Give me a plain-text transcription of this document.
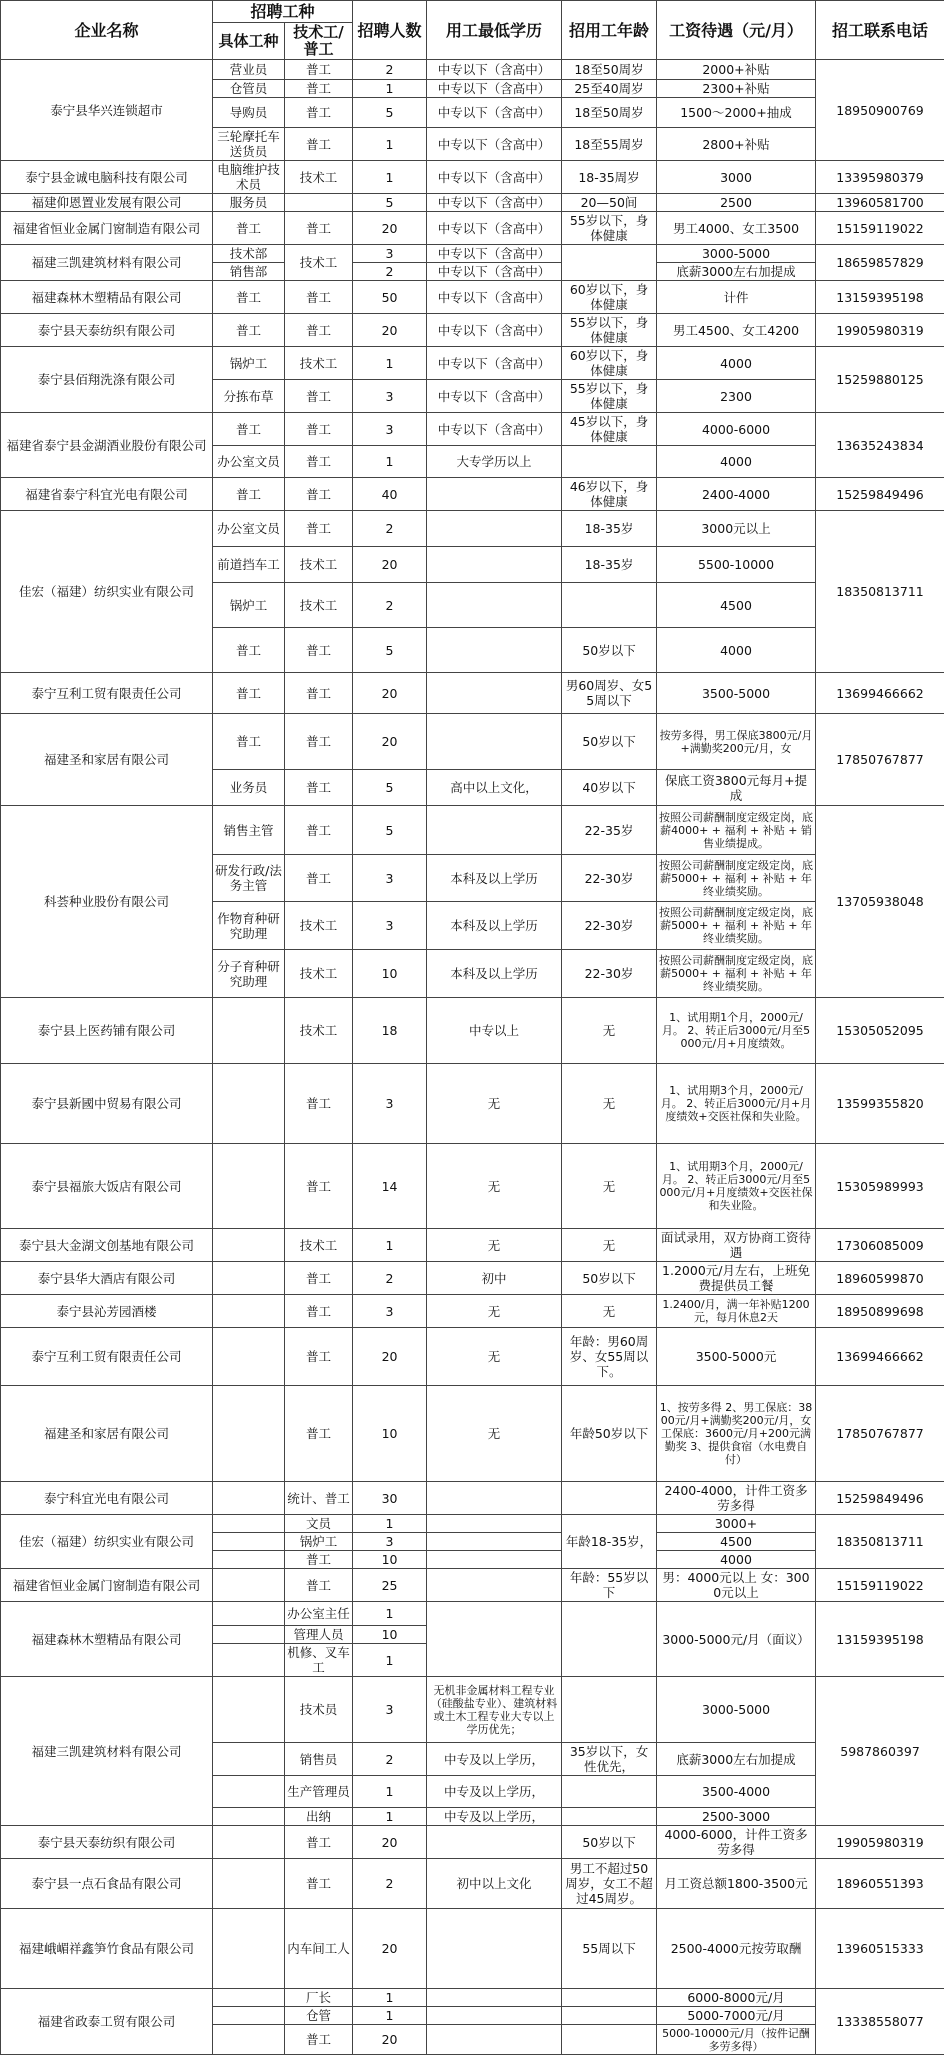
企业名称	招聘工种		招聘人数	用工最低学历	招用工年龄	工资待遇（元/月）	招工联系电话
	具体工种	技术工/普工					
泰宁县华兴连锁超市	营业员	普工	2	中专以下（含高中）	18至50周岁	2000+补贴	18950900769
	仓管员	普工	1	中专以下（含高中）	25至40周岁	2300+补贴	
	导购员	普工	5	中专以下（含高中）	18至50周岁	1500～2000+抽成	
	三轮摩托车送货员	普工	1	中专以下（含高中）	18至55周岁	2800+补贴	
泰宁县金诚电脑科技有限公司	电脑维护技术员	技术工	1	中专以下（含高中）	18-35周岁	3000	13395980379
福建仰恩置业发展有限公司	服务员		5	中专以下（含高中）	20—50间	2500	13960581700
福建省恒业金属门窗制造有限公司	普工	普工	20	中专以下（含高中）	55岁以下，身体健康	男工4000、女工3500	15159119022
福建三凯建筑材料有限公司	技术部	技术工	3	中专以下（含高中）		3000-5000	18659857829
	销售部		2	中专以下（含高中）		底薪3000左右加提成	
福建森林木塑精品有限公司	普工	普工	50	中专以下（含高中）	60岁以下，身体健康	计件	13159395198
泰宁县天泰纺织有限公司	普工	普工	20	中专以下（含高中）	55岁以下，身体健康	男工4500、女工4200	19905980319
泰宁县佰翔洗涤有限公司	锅炉工	技术工	1	中专以下（含高中）	60岁以下，身体健康	4000	15259880125
	分拣布草	普工	3	中专以下（含高中）	55岁以下，身体健康	2300	
福建省泰宁县金湖酒业股份有限公司	普工	普工	3	中专以下（含高中）	45岁以下，身体健康	4000-6000	13635243834
	办公室文员	普工	1	大专学历以上		4000	
福建省泰宁科宜光电有限公司	普工	普工	40		46岁以下，身体健康	2400-4000	15259849496
佳宏（福建）纺织实业有限公司	办公室文员	普工	2		18-35岁	3000元以上	18350813711
	前道挡车工	技术工	20		18-35岁	5500-10000	
	锅炉工	技术工	2			4500	
	普工	普工	5		50岁以下	4000	
泰宁互利工贸有限责任公司	普工	普工	20		男60周岁、女55周以下	3500-5000	13699466662
福建圣和家居有限公司	普工	普工	20		50岁以下	按劳多得，男工保底3800元/月+满勤奖200元/月，女	17850767877
	业务员	普工	5	高中以上文化，	40岁以下	保底工资3800元每月+提成	
科荟种业股份有限公司	销售主管	普工	5		22-35岁	按照公司薪酬制度定级定岗，底薪4000+ + 福利 + 补贴 + 销售业绩提成。	13705938048
	研发行政/法务主管	普工	3	本科及以上学历	22-30岁	按照公司薪酬制度定级定岗，底薪5000+ + 福利 + 补贴 + 年终业绩奖励。	
	作物育种研究助理	技术工	3	本科及以上学历	22-30岁	按照公司薪酬制度定级定岗，底薪5000+ + 福利 + 补贴 + 年终业绩奖励。	
	分子育种研究助理	技术工	10	本科及以上学历	22-30岁	按照公司薪酬制度定级定岗，底薪5000+ + 福利 + 补贴 + 年终业绩奖励。	
泰宁县上医药铺有限公司		技术工	18	中专以上	无	1、试用期1个月，2000元/月。 2、转正后3000元/月至5000元/月+月度绩效。	15305052095
泰宁县新國中贸易有限公司		普工	3	无	无	1、试用期3个月，2000元/月。 2、转正后3000元/月+月度绩效+交医社保和失业险。	13599355820
泰宁县福旅大饭店有限公司		普工	14	无	无	1、试用期3个月，2000元/月。 2、转正后3000元/月至5000元/月+月度绩效+交医社保和失业险。	15305989993
泰宁县大金湖文创基地有限公司		技术工	1	无	无	面试录用，双方协商工资待遇	17306085009
泰宁县华大酒店有限公司		普工	2	初中	50岁以下	1.2000元/月左右，上班免费提供员工餐	18960599870
泰宁县沁芳园酒楼		普工	3	无	无	1.2400/月，满一年补贴1200元，每月休息2天	18950899698
泰宁互利工贸有限责任公司		普工	20	无	年龄：男60周岁、女55周以下。	3500-5000元	13699466662
福建圣和家居有限公司		普工	10	无	年龄50岁以下	1、按劳多得 2、男工保底：3800元/月+满勤奖200元/月，女工保底：3600元/月+200元满勤奖 3、提供食宿（水电费自付）	17850767877
泰宁科宜光电有限公司		统计、普工	30			2400-4000，计件工资多劳多得	15259849496
佳宏（福建）纺织实业有限公司		文员	1		年龄18-35岁，	3000+	18350813711
		锅炉工	3			4500	
		普工	10			4000	
福建省恒业金属门窗制造有限公司		普工	25		年龄：55岁以下	男：4000元以上 女：3000元以上	15159119022
福建森林木塑精品有限公司		办公室主任	1			3000-5000元/月（面议）	13159395198
		管理人员	10				
		机修、叉车工	1				
福建三凯建筑材料有限公司		技术员	3	无机非金属材料工程专业（硅酸盐专业）、建筑材料或土木工程专业大专以上学历优先；		3000-5000	5987860397
		销售员	2	中专及以上学历，	35岁以下，女性优先，	底薪3000左右加提成	
		生产管理员	1	中专及以上学历，		3500-4000	
		出纳	1	中专及以上学历，		2500-3000	
泰宁县天泰纺织有限公司		普工	20		50岁以下	4000-6000，计件工资多劳多得	19905980319
泰宁县一点石食品有限公司		普工	2	初中以上文化	男工不超过50周岁，女工不超过45周岁。	月工资总额1800-3500元	18960551393
福建峨嵋祥鑫笋竹食品有限公司		内车间工人	20		55周以下	2500-4000元按劳取酬	13960515333
福建省政泰工贸有限公司		厂长	1			6000-8000元/月	13338558077
		仓管	1			5000-7000元/月	
		普工	20			5000-10000元/月（按件记酬多劳多得）	
